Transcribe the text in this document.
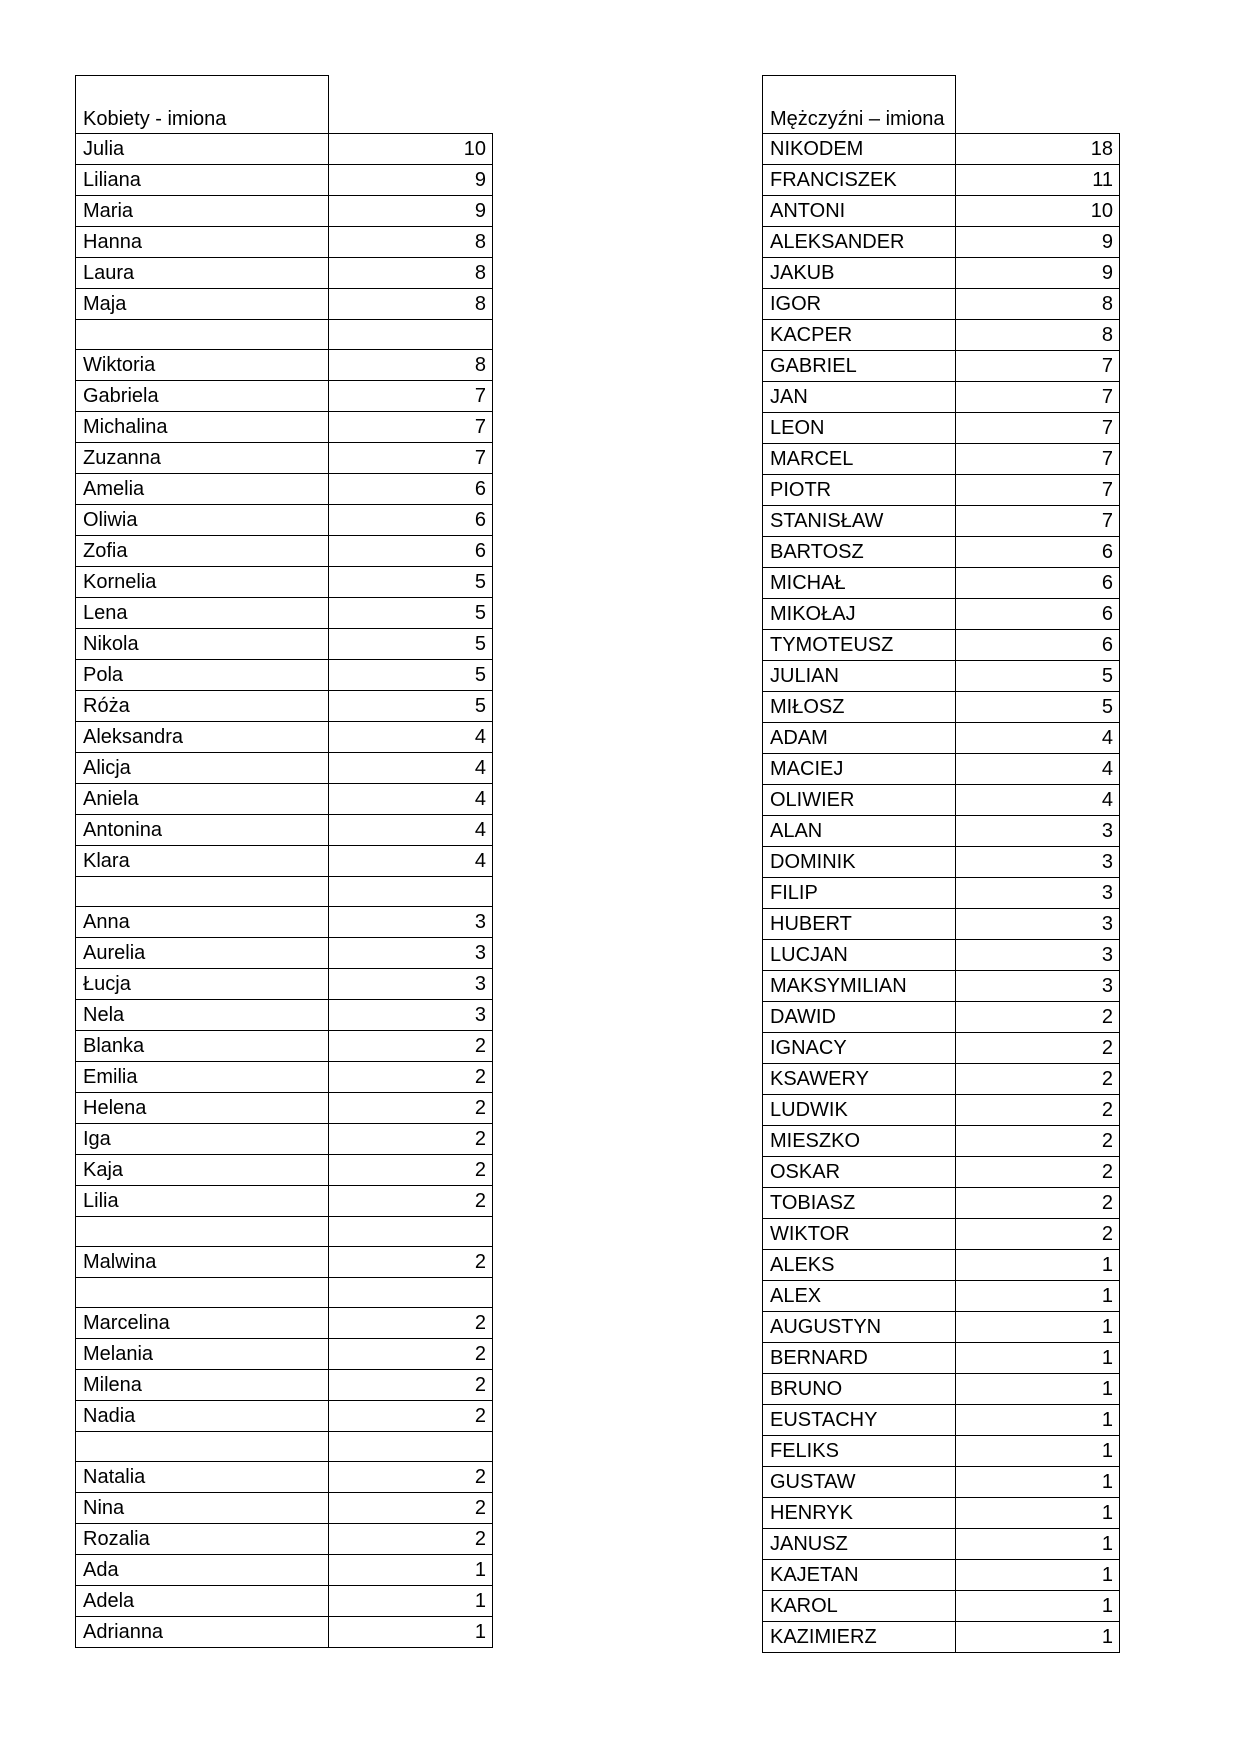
Kobiety - imiona	
Julia	10
Liliana	9
Maria	9
Hanna	8
Laura	8
Maja	8

Wiktoria	8
Gabriela	7
Michalina	7
Zuzanna	7
Amelia	6
Oliwia	6
Zofia	6
Kornelia	5
Lena	5
Nikola	5
Pola	5
Róża	5
Aleksandra	4
Alicja	4
Aniela	4
Antonina	4
Klara	4

Anna	3
Aurelia	3
Łucja	3
Nela	3
Blanka	2
Emilia	2
Helena	2
Iga	2
Kaja	2
Lilia	2

Malwina	2

Marcelina	2
Melania	2
Milena	2
Nadia	2

Natalia	2
Nina	2
Rozalia	2
Ada	1
Adela	1
Adrianna	1
Mężczyźni – imiona	
NIKODEM	18
FRANCISZEK	11
ANTONI	10
ALEKSANDER	9
JAKUB	9
IGOR	8
KACPER	8
GABRIEL	7
JAN	7
LEON	7
MARCEL	7
PIOTR	7
STANISŁAW	7
BARTOSZ	6
MICHAŁ	6
MIKOŁAJ	6
TYMOTEUSZ	6
JULIAN	5
MIŁOSZ	5
ADAM	4
MACIEJ	4
OLIWIER	4
ALAN	3
DOMINIK	3
FILIP	3
HUBERT	3
LUCJAN	3
MAKSYMILIAN	3
DAWID	2
IGNACY	2
KSAWERY	2
LUDWIK	2
MIESZKO	2
OSKAR	2
TOBIASZ	2
WIKTOR	2
ALEKS	1
ALEX	1
AUGUSTYN	1
BERNARD	1
BRUNO	1
EUSTACHY	1
FELIKS	1
GUSTAW	1
HENRYK	1
JANUSZ	1
KAJETAN	1
KAROL	1
KAZIMIERZ	1
